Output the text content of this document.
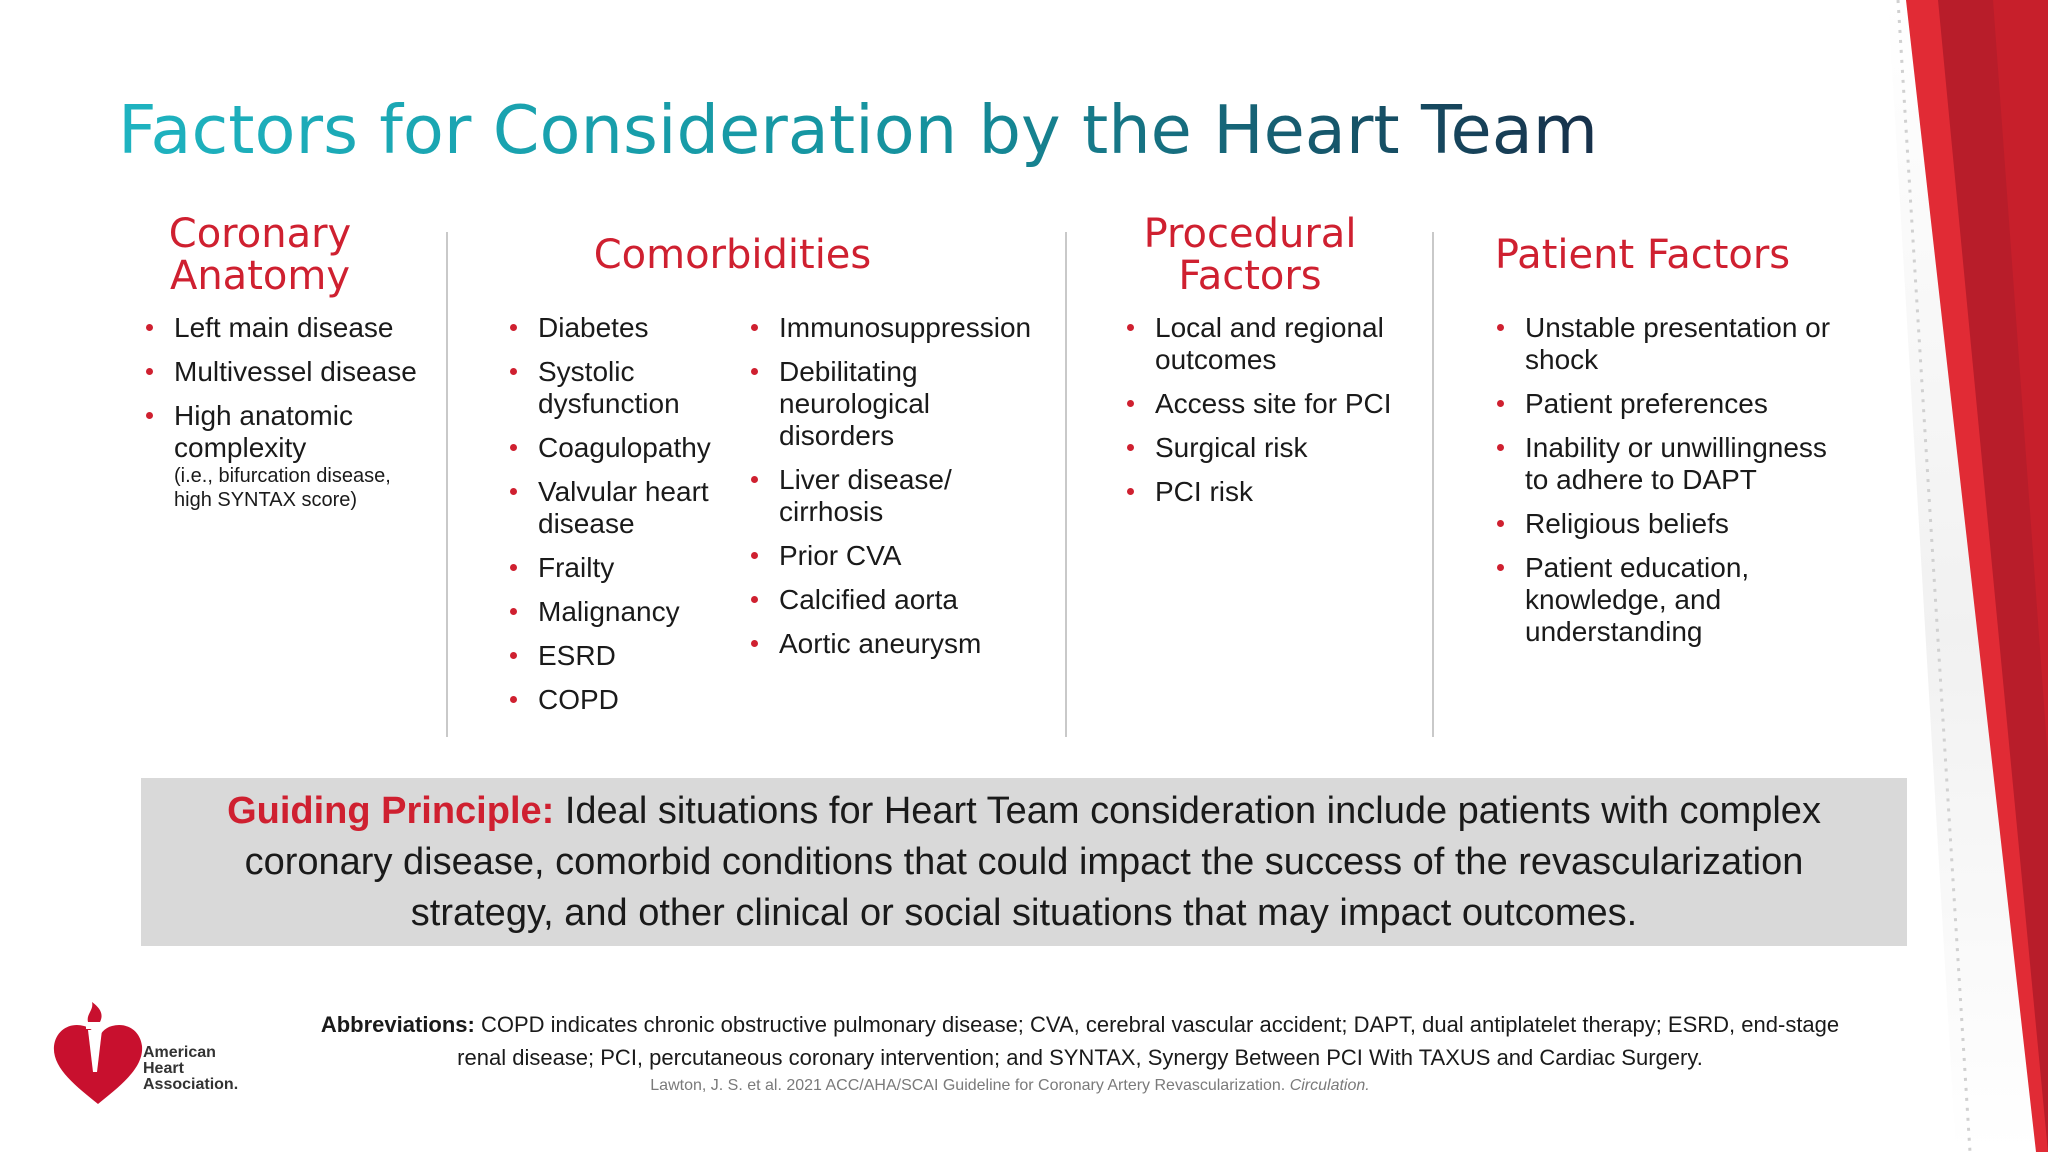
Factors for Consideration by the Heart Team
Coronary
Anatomy
Left main disease
Multivessel disease
High anatomic complexity
(i.e., bifurcation disease,
high SYNTAX score)
Comorbidities
Diabetes
Systolic dysfunction
Coagulopathy
Valvular heart disease
Frailty
Malignancy
ESRD
COPD
Immunosuppression
Debilitating neurological disorders
Liver disease/ cirrhosis
Prior CVA
Calcified aorta
Aortic aneurysm
Procedural
Factors
Local and regional outcomes
Access site for PCI
Surgical risk
PCI risk
Patient Factors
Unstable presentation or shock
Patient preferences
Inability or unwillingness to adhere to DAPT
Religious beliefs
Patient education, knowledge, and understanding
Guiding Principle: Ideal situations for Heart Team consideration include patients with complex coronary disease, comorbid conditions that could impact the success of the revascularization strategy, and other clinical or social situations that may impact outcomes.
Abbreviations: COPD indicates chronic obstructive pulmonary disease; CVA, cerebral vascular accident; DAPT, dual antiplatelet therapy; ESRD, end-stage renal disease; PCI, percutaneous coronary intervention; and SYNTAX, Synergy Between PCI With TAXUS and Cardiac Surgery.
Lawton, J. S. et al. 2021 ACC/AHA/SCAI Guideline for Coronary Artery Revascularization. Circulation.
American
Heart
Association.
